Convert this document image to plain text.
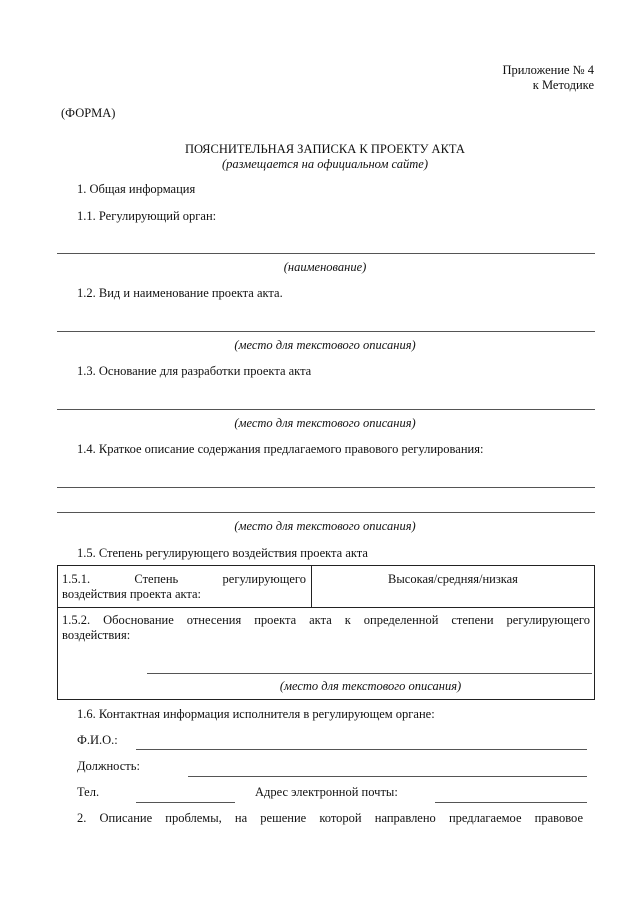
Приложение № 4
к Методике
(ФОРМА)
ПОЯСНИТЕЛЬНАЯ ЗАПИСКА К ПРОЕКТУ АКТА
(размещается на официальном сайте)
1. Общая информация
1.1. Регулирующий орган:
(наименование)
1.2. Вид и наименование проекта акта.
(место для текстового описания)
1.3. Основание для разработки проекта акта
(место для текстового описания)
1.4. Краткое описание содержания предлагаемого правового регулирования:
(место для текстового описания)
1.5. Степень регулирующего воздействия проекта акта
1.5.1. Степень регулирующего
воздействия проекта акта:
Высокая/средняя/низкая
1.5.2. Обоснование отнесения проекта акта к определенной степени регулирующего
воздействия:
(место для текстового описания)
1.6. Контактная информация исполнителя в регулирующем органе:
Ф.И.О.:
Должность:
Тел.	Адрес электронной почты:
2. Описание проблемы, на решение которой направлено предлагаемое правовое
